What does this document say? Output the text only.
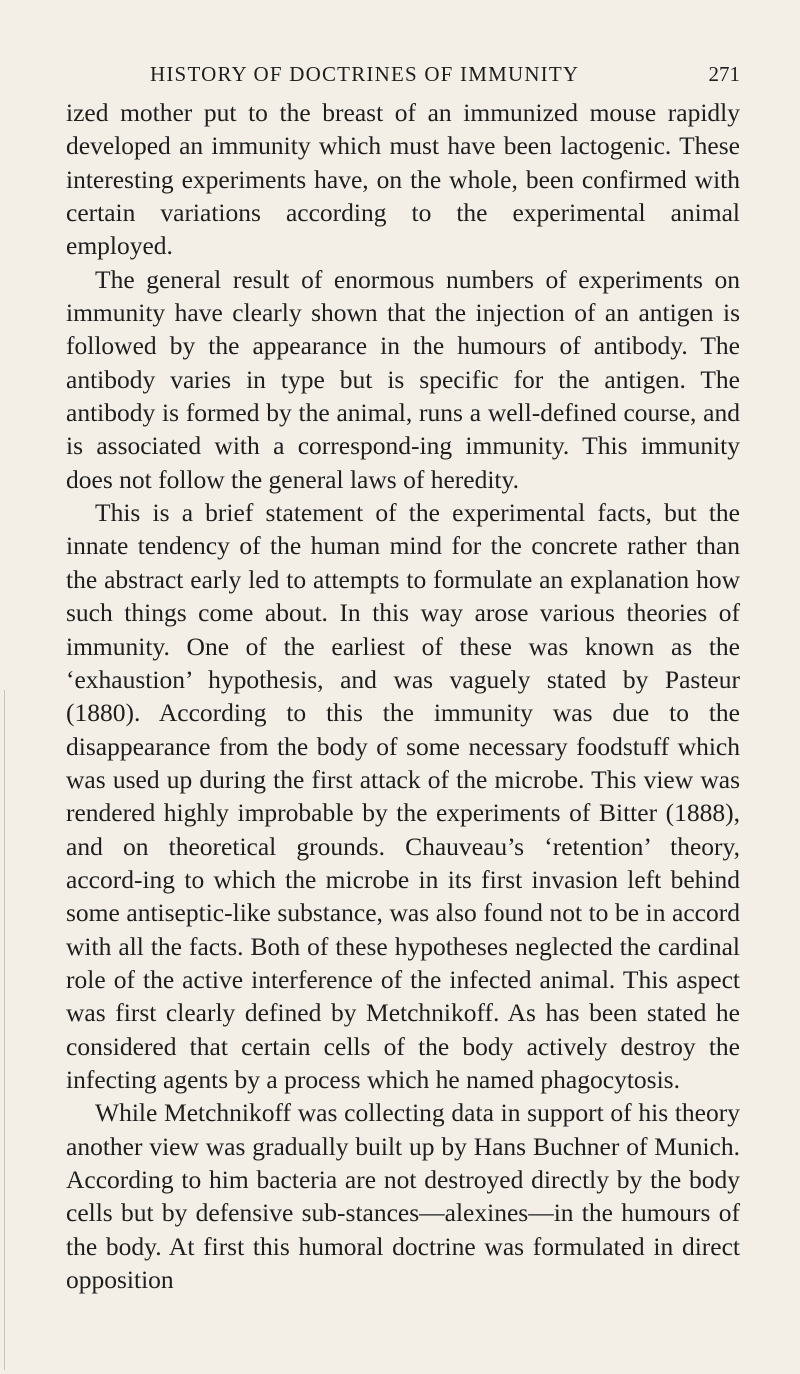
HISTORY OF DOCTRINES OF IMMUNITY	271

ized mother put to the breast of an immunized mouse rapidly developed an immunity which must have been lactogenic. These interesting experiments have, on the whole, been confirmed with certain variations according to the experimental animal employed.

The general result of enormous numbers of experiments on immunity have clearly shown that the injection of an antigen is followed by the appearance in the humours of antibody. The antibody varies in type but is specific for the antigen. The antibody is formed by the animal, runs a well-defined course, and is associated with a correspond-ing immunity. This immunity does not follow the general laws of heredity.

This is a brief statement of the experimental facts, but the innate tendency of the human mind for the concrete rather than the abstract early led to attempts to formulate an explanation how such things come about. In this way arose various theories of immunity. One of the earliest of these was known as the ‘exhaustion’ hypothesis, and was vaguely stated by Pasteur (1880). According to this the immunity was due to the disappearance from the body of some necessary foodstuff which was used up during the first attack of the microbe. This view was rendered highly improbable by the experiments of Bitter (1888), and on theoretical grounds. Chauveau’s ‘retention’ theory, accord-ing to which the microbe in its first invasion left behind some antiseptic-like substance, was also found not to be in accord with all the facts. Both of these hypotheses neglected the cardinal role of the active interference of the infected animal. This aspect was first clearly defined by Metchnikoff. As has been stated he considered that certain cells of the body actively destroy the infecting agents by a process which he named phagocytosis.

While Metchnikoff was collecting data in support of his theory another view was gradually built up by Hans Buchner of Munich. According to him bacteria are not destroyed directly by the body cells but by defensive sub-stances—alexines—in the humours of the body. At first this humoral doctrine was formulated in direct opposition
